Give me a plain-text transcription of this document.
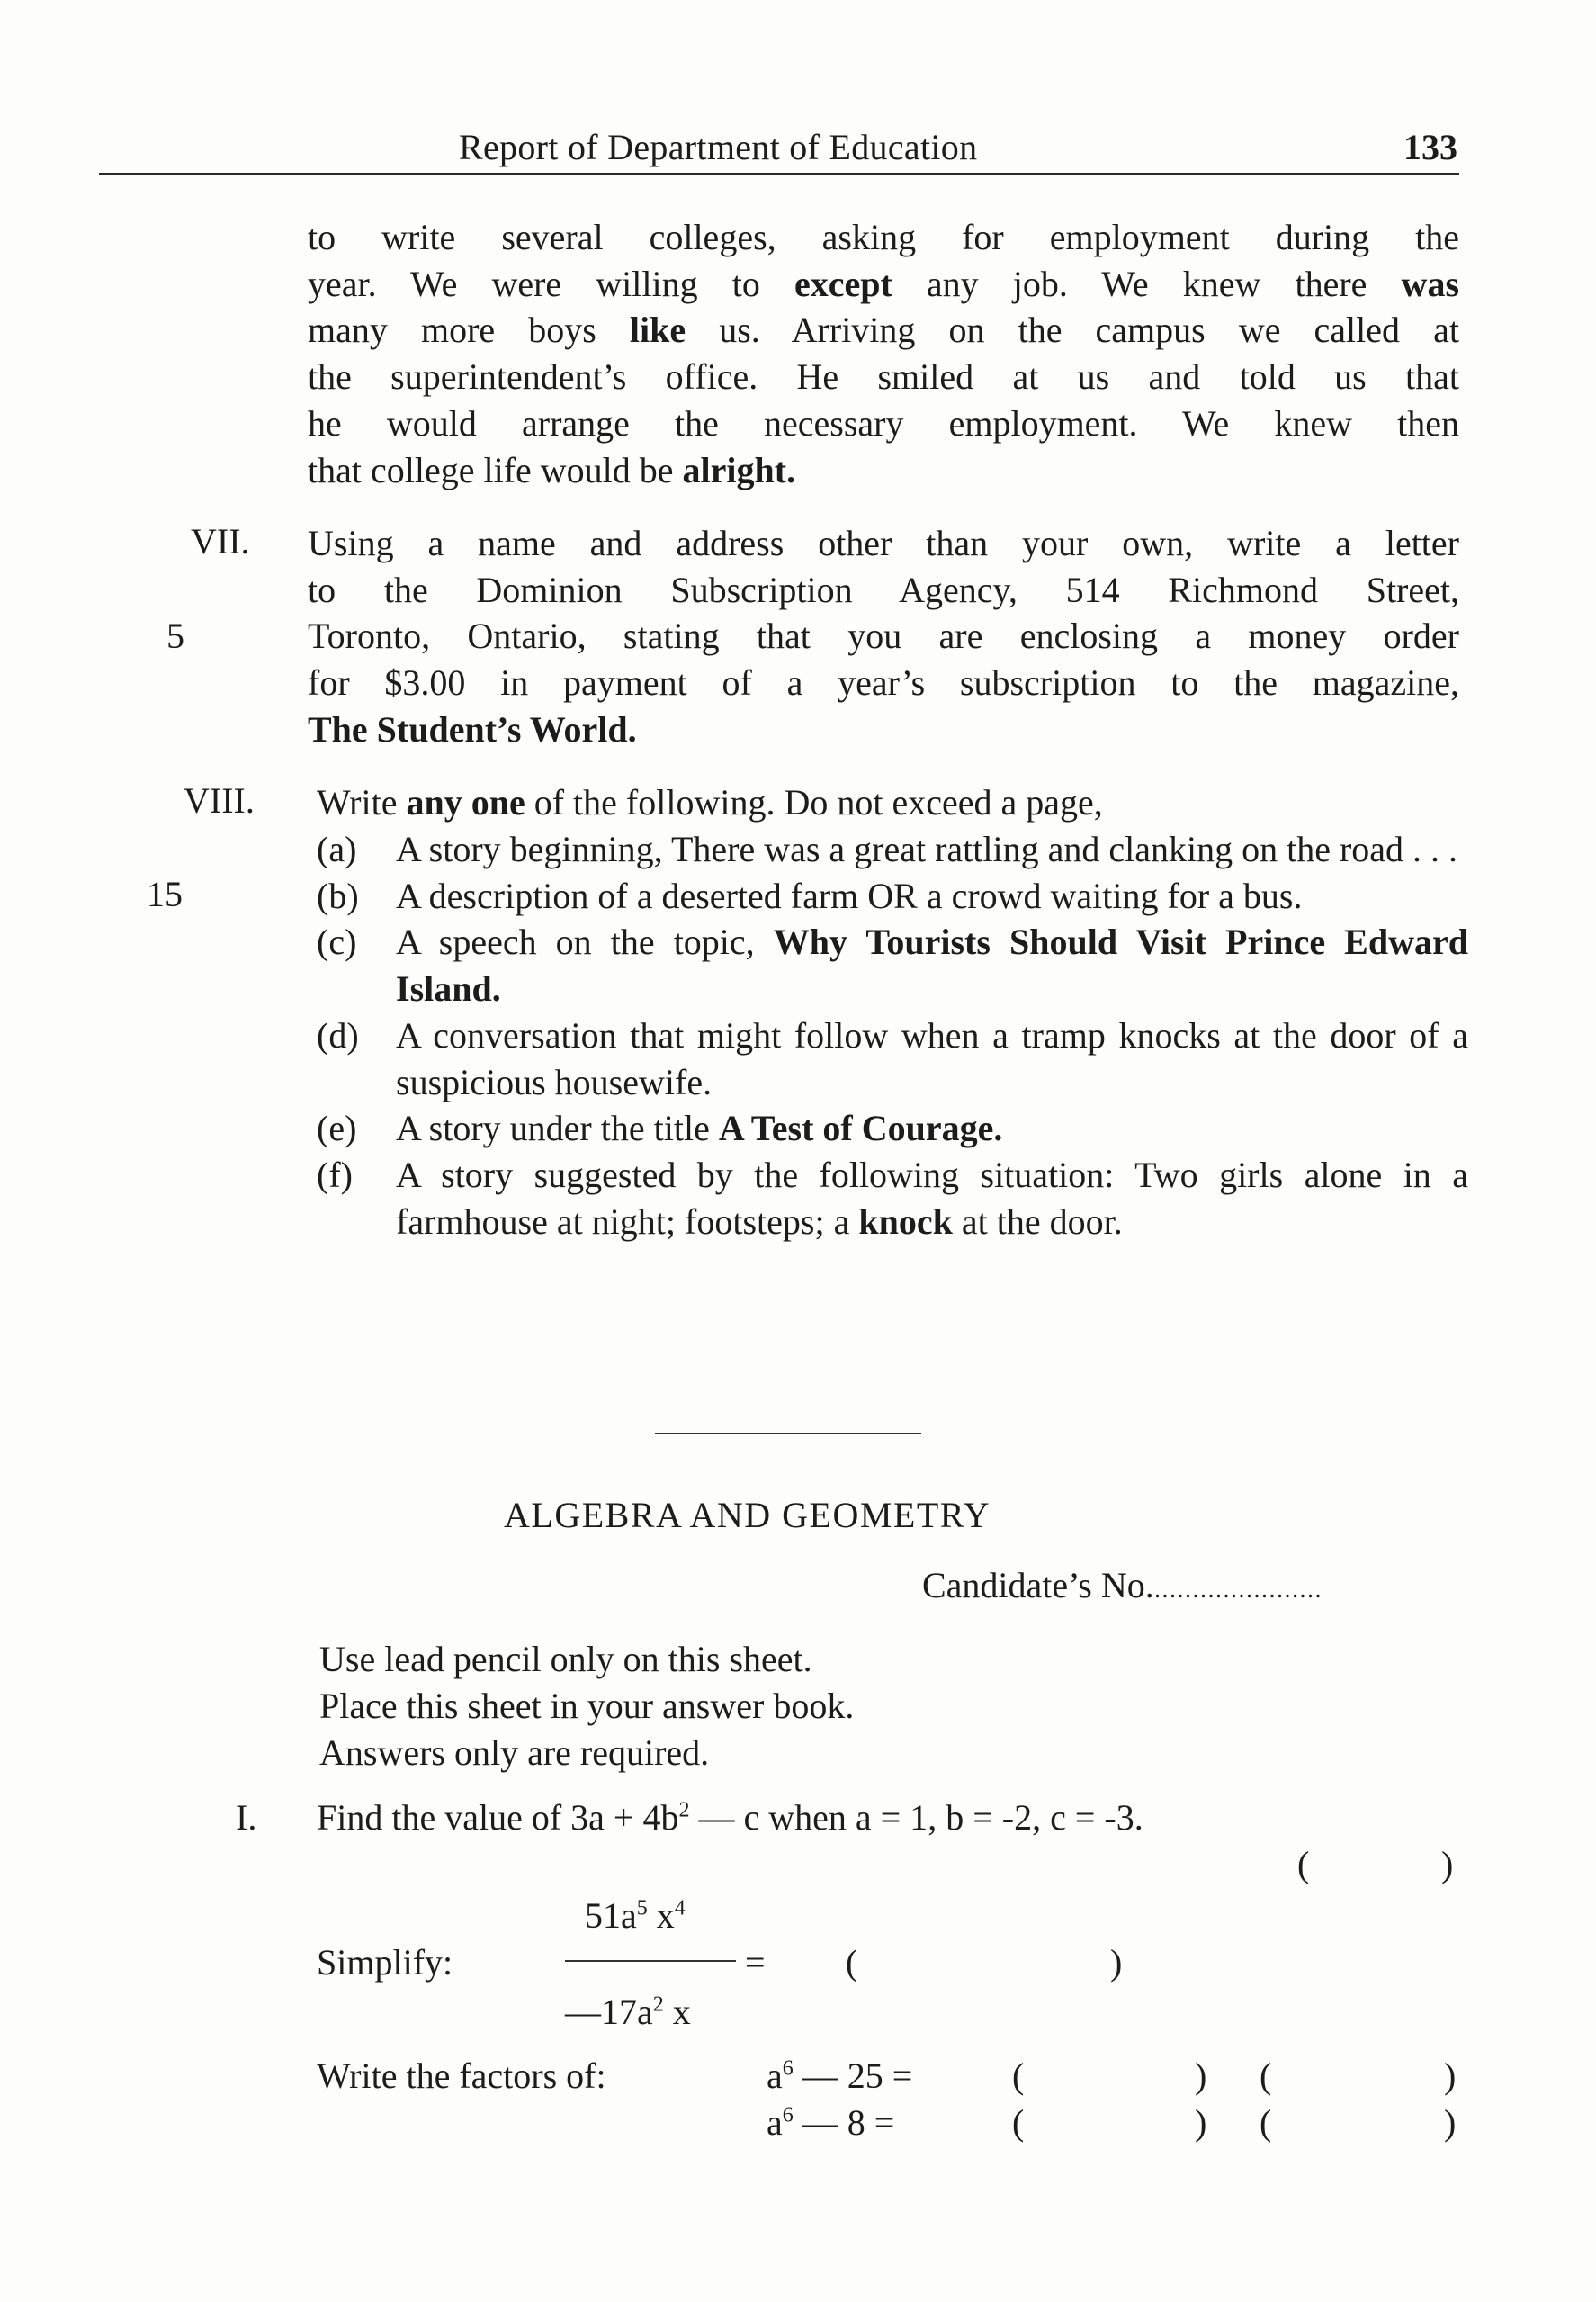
Report of Department of Education	133
to write several colleges, asking for employment during the
year. We were willing to except any job. We knew there was
many more boys like us. Arriving on the campus we called at
the superintendent’s office. He smiled at us and told us that
he would arrange the necessary employment. We knew then
that college life would be alright.
VII.
5
Using a name and address other than your own, write a letter
to the Dominion Subscription Agency, 514 Richmond Street,
Toronto, Ontario, stating that you are enclosing a money order
for $3.00 in payment of a year’s subscription to the magazine,
The Student’s World.
VIII.
15
Write any one of the following. Do not exceed a page,
(a) A story beginning, There was a great rattling and clanking on the road . . .
(b) A description of a deserted farm OR a crowd waiting for a bus.
(c) A speech on the topic, Why Tourists Should Visit Prince Edward Island.
(d) A conversation that might follow when a tramp knocks at the door of a suspicious housewife.
(e) A story under the title A Test of Courage.
(f) A story suggested by the following situation: Two girls alone in a farmhouse at night; footsteps; a knock at the door.
ALGEBRA AND GEOMETRY
Candidate’s No.......................
Use lead pencil only on this sheet.
Place this sheet in your answer book.
Answers only are required.
I. Find the value of $3a + 4b^2$ — c when a = 1, b = -2, c = -3.
(	)
$51a^5$ $x^4$
Simplify:	= (	)
$—17a^2$ x
Write the factors of:	$a^6$ — 25 =	(	) (	)
$a^6$ — 8 =	(	) (	)
